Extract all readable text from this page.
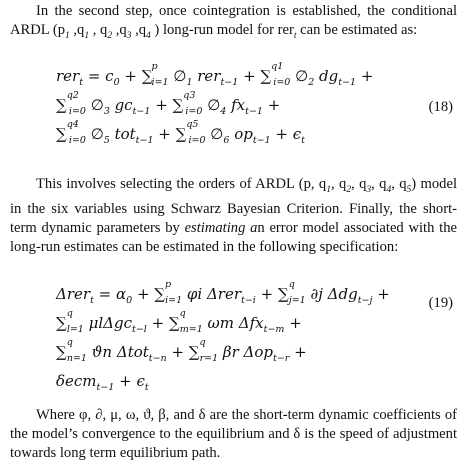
In the second step, once cointegration is established, the conditional ARDL ($p_1$ $,q_1$ , $q_2$ $,q_3$ $,q_4$ ) long-run model for rer$_t$ can be estimated as:

$rer_t = c_0 + \sum^p_{i=1}$ $\emptyset_1$ rer$_{t-1}$ + ∑$^{q1}_{i=0}$ $\emptyset_2$ $dg_{t-1}$ +
∑$^{q2}_{i=0}$ $\emptyset_3$ $gc_{t-1} + \sum^{q3}_{i=0}$ $\emptyset_4$ $fx_{t-1}$ +	(18)
∑$^{q4}_{i=0}$ $\emptyset_5$ tot$_{t-1}$ + ∑$^{q5}_{i=0}$ $\emptyset_6$ $op_{t-1} + \epsilon_t$

This involves selecting the orders of ARDL (p, $q_1$, $q_2$, $q_3$, $q_4$, $q_5$) model in the six variables using Schwarz Bayesian Criterion. Finally, the short-term dynamic parameters by estimating an error model associated with the long-run estimates can be estimated in the following specification:

$\Delta rer_t = \alpha_0 + \sum^p_{i=1}$ φi Δrer$_{t-i}$ + ∑$^q_{j=1}$ ∂j Δdg$_{t-j}$ +	(19)
∑$^q_{l=1}$ μlΔgc$_{t-l}$ + ∑$^q_{m=1}$ ωm Δfx$_{t-m}$ +
∑$^q_{n=1}$ ϑn Δtot$_{t-n}$ + ∑$^q_{r=1}$ βr Δop$_{t-r}$ +
$\delta ecm_{t-1} + \epsilon_t$

Where φ, ∂, μ, ω, ϑ, β, and δ are the short-term dynamic coefficients of the model’s convergence to the equilibrium and δ is the speed of adjustment towards long term equilibrium path.
